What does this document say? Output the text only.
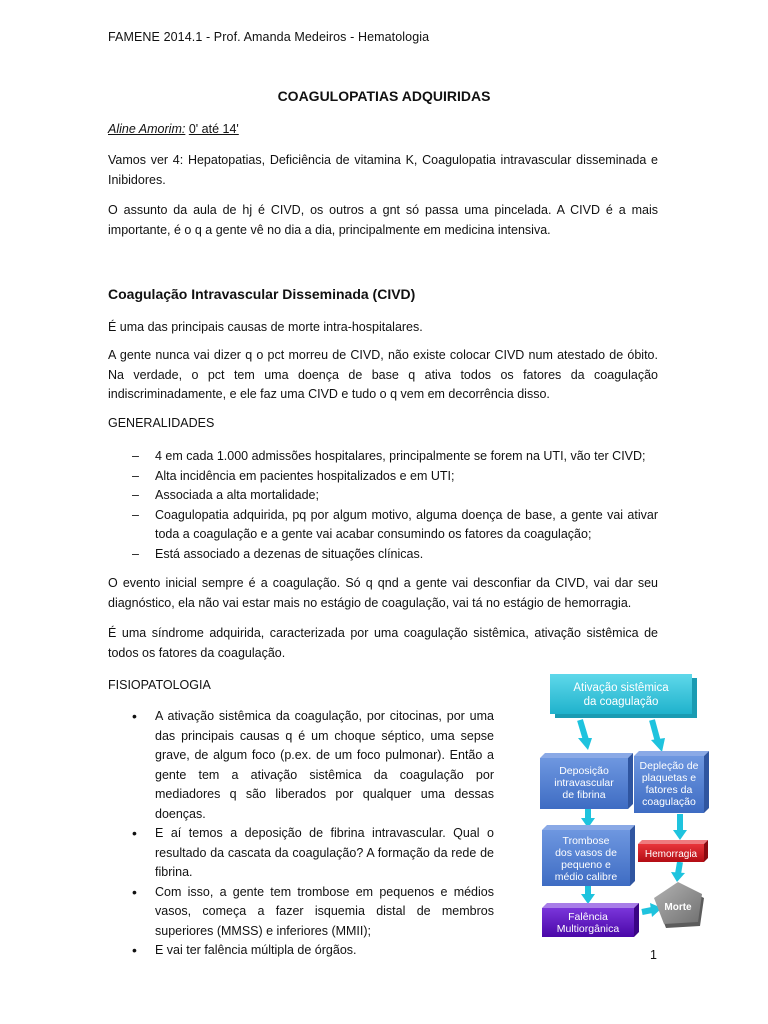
FAMENE 2014.1 - Prof. Amanda Medeiros - Hematologia
COAGULOPATIAS ADQUIRIDAS
Aline Amorim: 0' até 14'

Vamos ver 4: Hepatopatias, Deficiência de vitamina K, Coagulopatia intravascular disseminada e Inibidores.

O assunto da aula de hj é CIVD, os outros a gnt só passa uma pincelada. A CIVD é a mais importante, é o q a gente vê no dia a dia, principalmente em medicina intensiva.

Coagulação Intravascular Disseminada (CIVD)

É uma das principais causas de morte intra-hospitalares.

A gente nunca vai dizer q o pct morreu de CIVD, não existe colocar CIVD num atestado de óbito. Na verdade, o pct tem uma doença de base q ativa todos os fatores da coagulação indiscriminadamente, e ele faz uma CIVD e tudo o q vem em decorrência disso.

GENERALIDADES
– 4 em cada 1.000 admissões hospitalares, principalmente se forem na UTI, vão ter CIVD;
– Alta incidência em pacientes hospitalizados e em UTI;
– Associada a alta mortalidade;
– Coagulopatia adquirida, pq por algum motivo, alguma doença de base, a gente vai ativar toda a coagulação e a gente vai acabar consumindo os fatores da coagulação;
– Está associado a dezenas de situações clínicas.

O evento inicial sempre é a coagulação. Só q qnd a gente vai desconfiar da CIVD, vai dar seu diagnóstico, ela não vai estar mais no estágio de coagulação, vai tá no estágio de hemorragia.

É uma síndrome adquirida, caracterizada por uma coagulação sistêmica, ativação sistêmica de todos os fatores da coagulação.

FISIOPATOLOGIA
• A ativação sistêmica da coagulação, por citocinas, por uma das principais causas q é um choque séptico, uma sepse grave, de algum foco (p.ex. de um foco pulmonar). Então a gente tem a ativação sistêmica da coagulação por mediadores q são liberados por qualquer uma dessas doenças.
• E aí temos a deposição de fibrina intravascular. Qual o resultado da cascata da coagulação? A formação da rede de fibrina.
• Com isso, a gente tem trombose em pequenos e médios vasos, começa a fazer isquemia distal de membros superiores (MMSS) e inferiores (MMII);
• E vai ter falência múltipla de órgãos.
Ativação sistêmica
da coagulação
Deposição
intravascular
de fibrina
Depleção de
plaquetas e
fatores da
coagulação
Trombose
dos vasos de
pequeno e
médio calibre
Hemorragia
Falência
Multiorgânica
Morte
1
